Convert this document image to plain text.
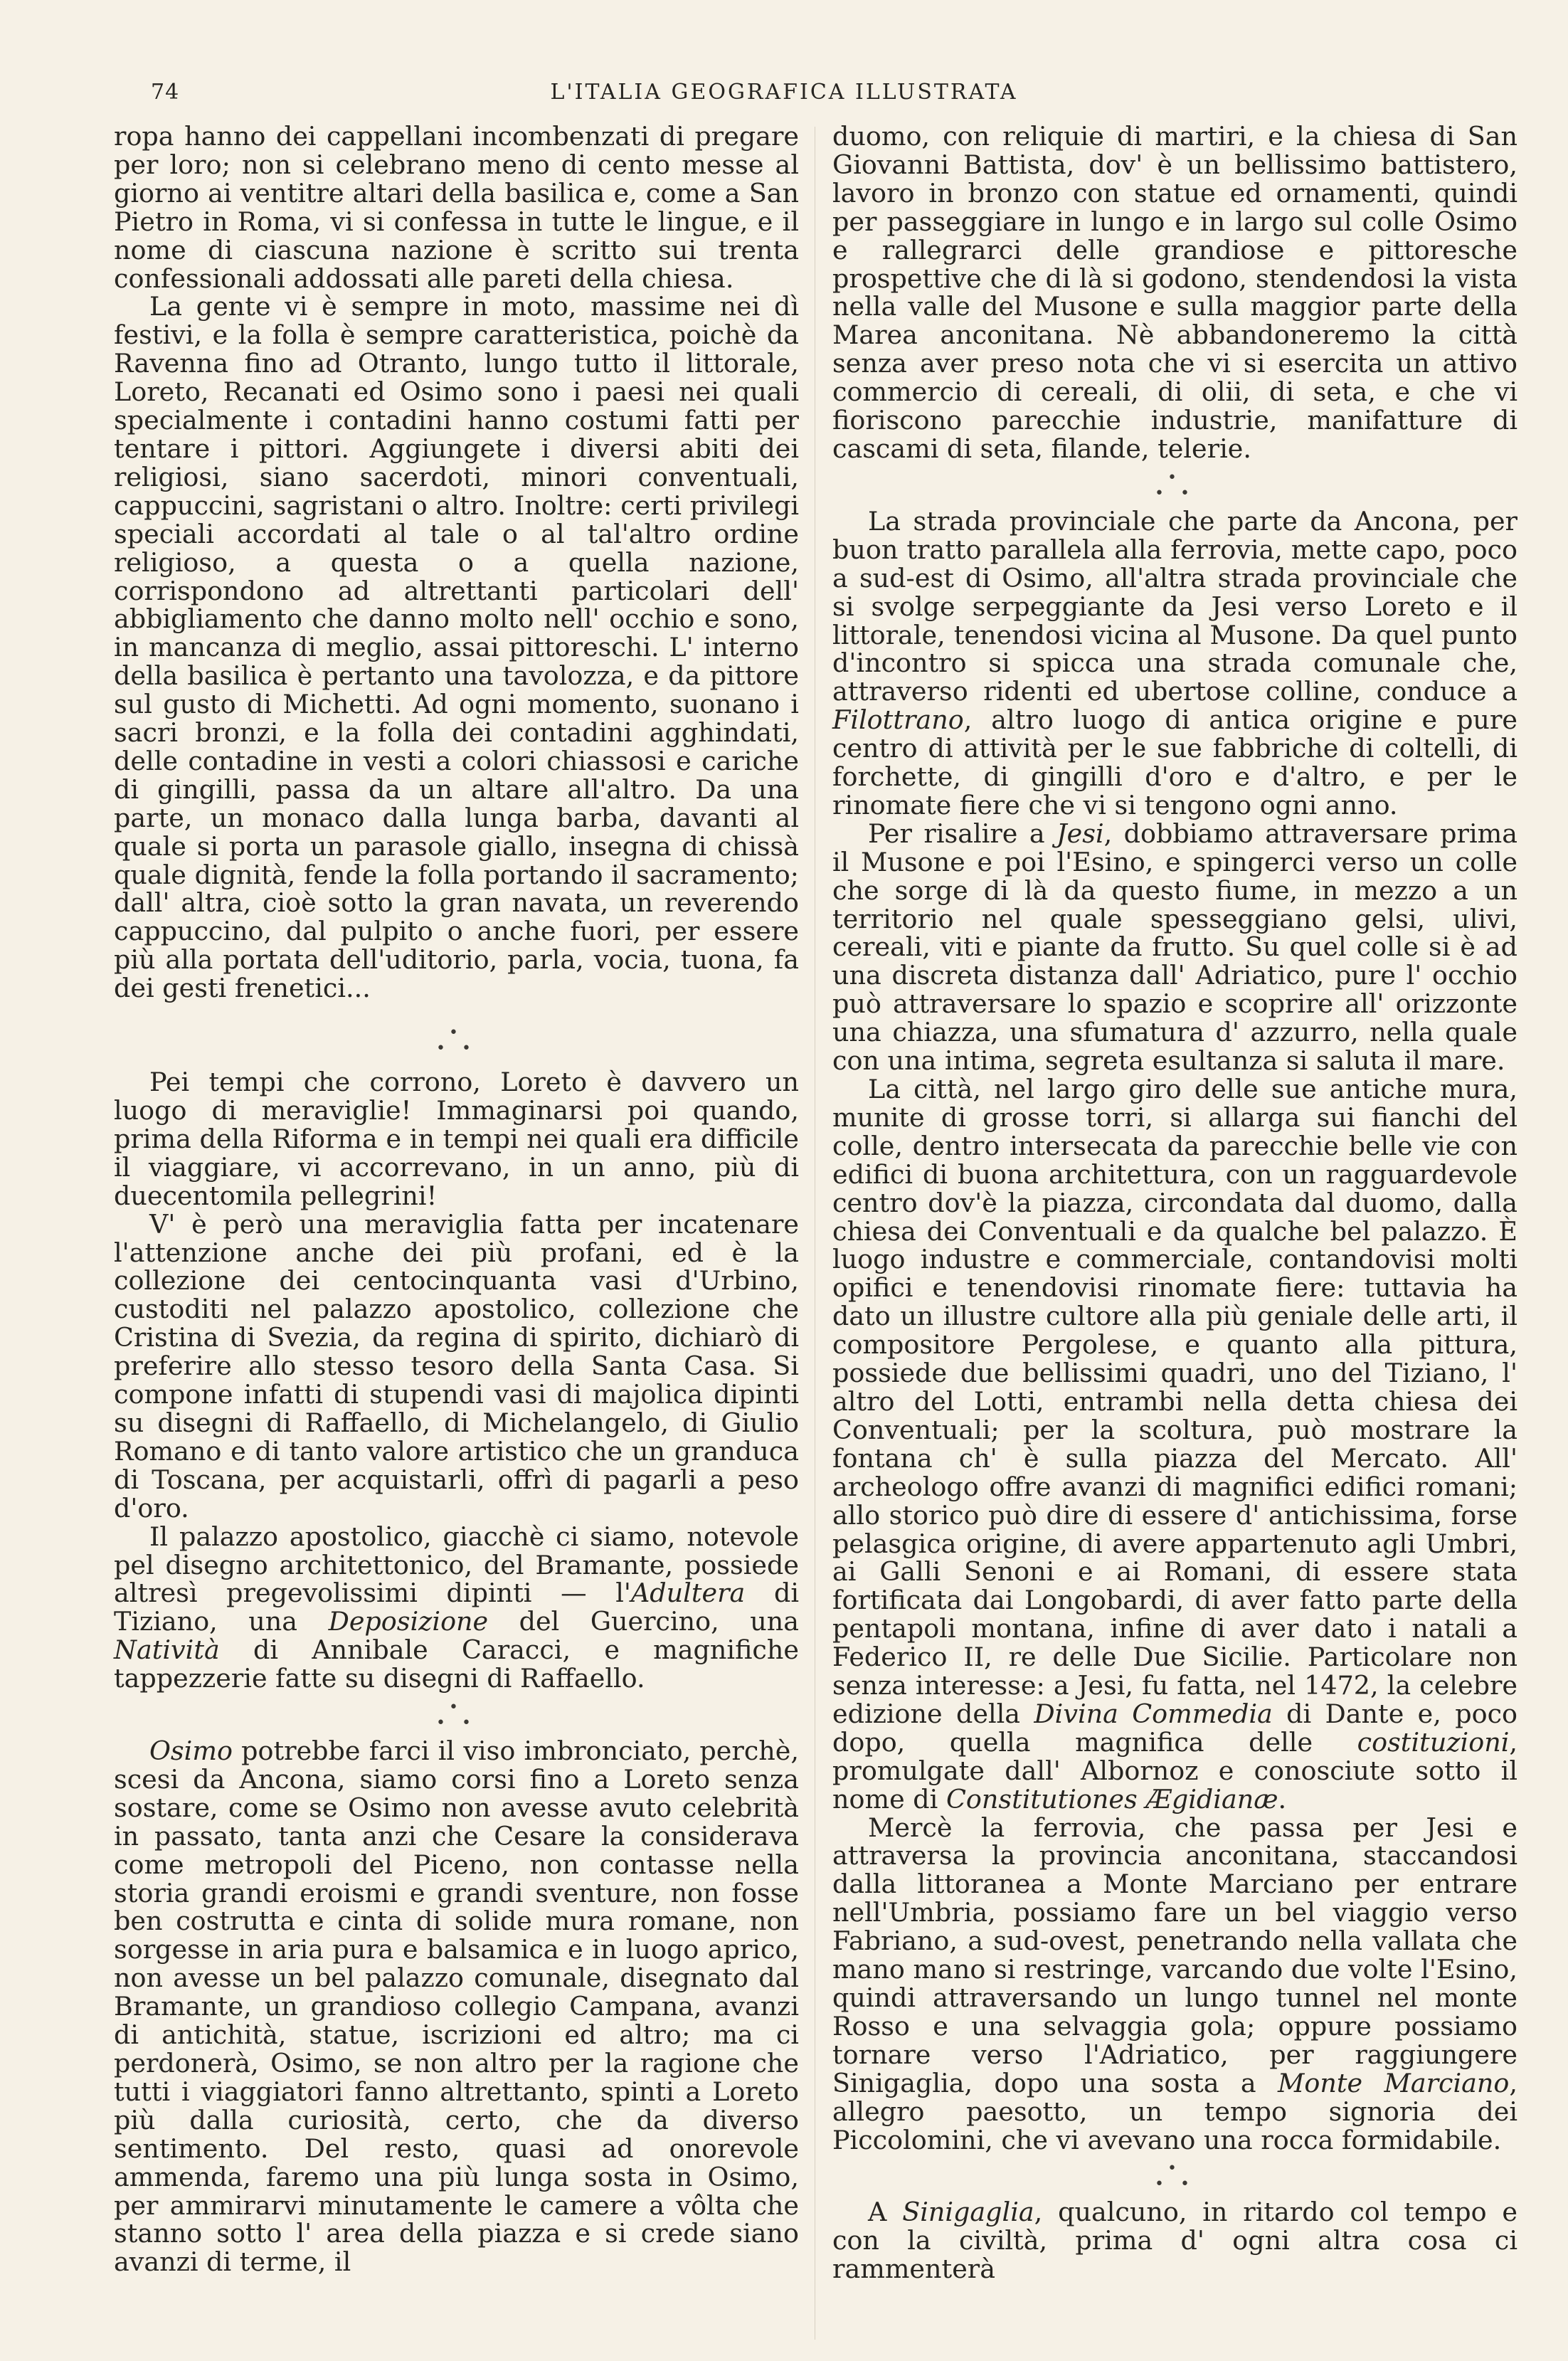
74	L'ITALIA GEOGRAFICA ILLUSTRATA

ropa hanno dei cappellani incombenzati di pregare per loro; non si celebrano meno di cento messe al giorno ai ventitre altari della basilica e, come a San Pietro in Roma, vi si confessa in tutte le lingue, e il nome di ciascuna nazione è scritto sui trenta confessionali addossati alle pareti della chiesa.

La gente vi è sempre in moto, massime nei dì festivi, e la folla è sempre caratteristica, poichè da Ravenna fino ad Otranto, lungo tutto il littorale, Loreto, Recanati ed Osimo sono i paesi nei quali specialmente i contadini hanno costumi fatti per tentare i pittori. Aggiungete i diversi abiti dei religiosi, siano sacerdoti, minori conventuali, cappuccini, sagristani o altro. Inoltre: certi privilegi speciali accordati al tale o al tal'altro ordine religioso, a questa o a quella nazione, corrispondono ad altrettanti particolari dell' abbigliamento che danno molto nell' occhio e sono, in mancanza di meglio, assai pittoreschi. L' interno della basilica è pertanto una tavolozza, e da pittore sul gusto di Michetti. Ad ogni momento, suonano i sacri bronzi, e la folla dei contadini agghindati, delle contadine in vesti a colori chiassosi e cariche di gingilli, passa da un altare all'altro. Da una parte, un monaco dalla lunga barba, davanti al quale si porta un parasole giallo, insegna di chissà quale dignità, fende la folla portando il sacramento; dall' altra, cioè sotto la gran navata, un reverendo cappuccino, dal pulpito o anche fuori, per essere più alla portata dell'uditorio, parla, vocia, tuona, fa dei gesti frenetici...

•
• •

Pei tempi che corrono, Loreto è davvero un luogo di meraviglie! Immaginarsi poi quando, prima della Riforma e in tempi nei quali era difficile il viaggiare, vi accorrevano, in un anno, più di duecentomila pellegrini!

V' è però una meraviglia fatta per incatenare l'attenzione anche dei più profani, ed è la collezione dei centocinquanta vasi d'Urbino, custoditi nel palazzo apostolico, collezione che Cristina di Svezia, da regina di spirito, dichiarò di preferire allo stesso tesoro della Santa Casa. Si compone infatti di stupendi vasi di majolica dipinti su disegni di Raffaello, di Michelangelo, di Giulio Romano e di tanto valore artistico che un granduca di Toscana, per acquistarli, offrì di pagarli a peso d'oro.

Il palazzo apostolico, giacchè ci siamo, notevole pel disegno architettonico, del Bramante, possiede altresì pregevolissimi dipinti — l'Adultera di Tiziano, una Deposizione del Guercino, una Natività di Annibale Caracci, e magnifiche tappezzerie fatte su disegni di Raffaello.

•
• •

Osimo potrebbe farci il viso imbronciato, perchè, scesi da Ancona, siamo corsi fino a Loreto senza sostare, come se Osimo non avesse avuto celebrità in passato, tanta anzi che Cesare la considerava come metropoli del Piceno, non contasse nella storia grandi eroismi e grandi sventure, non fosse ben costrutta e cinta di solide mura romane, non sorgesse in aria pura e balsamica e in luogo aprico, non avesse un bel palazzo comunale, disegnato dal Bramante, un grandioso collegio Campana, avanzi di antichità, statue, iscrizioni ed altro; ma ci perdonerà, Osimo, se non altro per la ragione che tutti i viaggiatori fanno altrettanto, spinti a Loreto più dalla curiosità, certo, che da diverso sentimento. Del resto, quasi ad onorevole ammenda, faremo una più lunga sosta in Osimo, per ammirarvi minutamente le camere a vôlta che stanno sotto l' area della piazza e si crede siano avanzi di terme, il

duomo, con reliquie di martiri, e la chiesa di San Giovanni Battista, dov' è un bellissimo battistero, lavoro in bronzo con statue ed ornamenti, quindi per passeggiare in lungo e in largo sul colle Osimo e rallegrarci delle grandiose e pittoresche prospettive che di là si godono, stendendosi la vista nella valle del Musone e sulla maggior parte della Marea anconitana. Nè abbandoneremo la città senza aver preso nota che vi si esercita un attivo commercio di cereali, di olii, di seta, e che vi fioriscono parecchie industrie, manifatture di cascami di seta, filande, telerie.

•
• •

La strada provinciale che parte da Ancona, per buon tratto parallela alla ferrovia, mette capo, poco a sud-est di Osimo, all'altra strada provinciale che si svolge serpeggiante da Jesi verso Loreto e il littorale, tenendosi vicina al Musone. Da quel punto d'incontro si spicca una strada comunale che, attraverso ridenti ed ubertose colline, conduce a Filottrano, altro luogo di antica origine e pure centro di attività per le sue fabbriche di coltelli, di forchette, di gingilli d'oro e d'altro, e per le rinomate fiere che vi si tengono ogni anno.

Per risalire a Jesi, dobbiamo attraversare prima il Musone e poi l'Esino, e spingerci verso un colle che sorge di là da questo fiume, in mezzo a un territorio nel quale spesseggiano gelsi, ulivi, cereali, viti e piante da frutto. Su quel colle si è ad una discreta distanza dall' Adriatico, pure l' occhio può attraversare lo spazio e scoprire all' orizzonte una chiazza, una sfumatura d' azzurro, nella quale con una intima, segreta esultanza si saluta il mare.

La città, nel largo giro delle sue antiche mura, munite di grosse torri, si allarga sui fianchi del colle, dentro intersecata da parecchie belle vie con edifici di buona architettura, con un ragguardevole centro dov'è la piazza, circondata dal duomo, dalla chiesa dei Conventuali e da qualche bel palazzo. È luogo industre e commerciale, contandovisi molti opifici e tenendovisi rinomate fiere: tuttavia ha dato un illustre cultore alla più geniale delle arti, il compositore Pergolese, e quanto alla pittura, possiede due bellissimi quadri, uno del Tiziano, l' altro del Lotti, entrambi nella detta chiesa dei Conventuali; per la scoltura, può mostrare la fontana ch' è sulla piazza del Mercato. All' archeologo offre avanzi di magnifici edifici romani; allo storico può dire di essere d' antichissima, forse pelasgica origine, di avere appartenuto agli Umbri, ai Galli Senoni e ai Romani, di essere stata fortificata dai Longobardi, di aver fatto parte della pentapoli montana, infine di aver dato i natali a Federico II, re delle Due Sicilie. Particolare non senza interesse: a Jesi, fu fatta, nel 1472, la celebre edizione della Divina Commedia di Dante e, poco dopo, quella magnifica delle costituzioni, promulgate dall' Albornoz e conosciute sotto il nome di Constitutiones Ægidianæ.

Mercè la ferrovia, che passa per Jesi e attraversa la provincia anconitana, staccandosi dalla littoranea a Monte Marciano per entrare nell'Umbria, possiamo fare un bel viaggio verso Fabriano, a sud-ovest, penetrando nella vallata che mano mano si restringe, varcando due volte l'Esino, quindi attraversando un lungo tunnel nel monte Rosso e una selvaggia gola; oppure possiamo tornare verso l'Adriatico, per raggiungere Sinigaglia, dopo una sosta a Monte Marciano, allegro paesotto, un tempo signoria dei Piccolomini, che vi avevano una rocca formidabile.

•
• •

A Sinigaglia, qualcuno, in ritardo col tempo e con la civiltà, prima d' ogni altra cosa ci rammenterà
